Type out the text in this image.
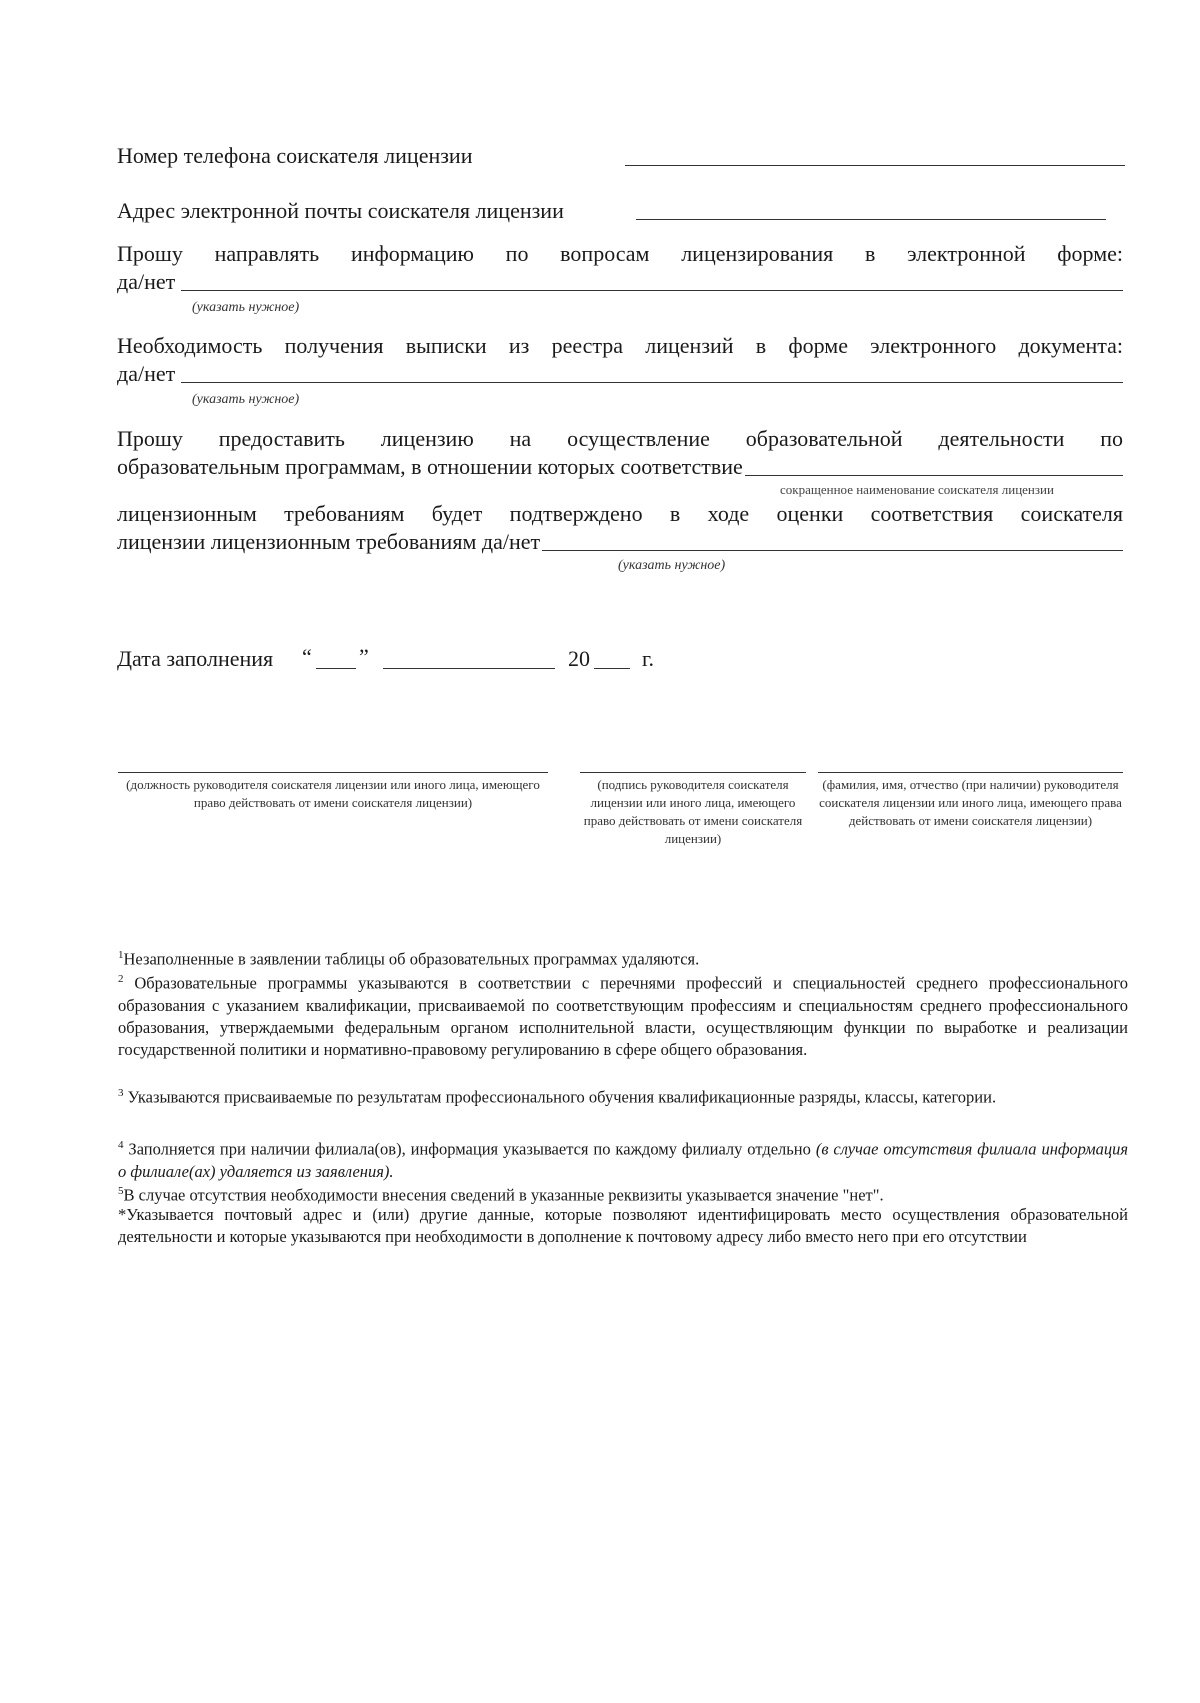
Номер телефона соискателя лицензии
Адрес электронной почты соискателя лицензии
Прошу направлять информацию по вопросам лицензирования в электронной форме:
да/нет
(указать нужное)
Необходимость получения выписки из реестра лицензий в форме электронного документа:
да/нет
(указать нужное)
Прошу предоставить лицензию на осуществление образовательной деятельности по
образовательным программам, в отношении которых соответствие
сокращенное наименование соискателя лицензии
лицензионным требованиям будет подтверждено в ходе оценки соответствия соискателя
лицензии лицензионным требованиям да/нет
(указать нужное)
Дата заполнения “ ”	20 г.
(должность руководителя соискателя лицензии или иного лица, имеющего право действовать от имени соискателя лицензии)
(подпись руководителя соискателя лицензии или иного лица, имеющего право действовать от имени соискателя лицензии)
(фамилия, имя, отчество (при наличии) руководителя соискателя лицензии или иного лица, имеющего права действовать от имени соискателя лицензии)
$^1$Незаполненные в заявлении таблицы об образовательных программах удаляются.
$^2$ Образовательные программы указываются в соответствии с перечнями профессий и специальностей среднего профессионального образования с указанием квалификации, присваиваемой по соответствующим профессиям и специальностям среднего профессионального образования, утверждаемыми федеральным органом исполнительной власти, осуществляющим функции по выработке и реализации государственной политики и нормативно-правовому регулированию в сфере общего образования.
$^3$ Указываются присваиваемые по результатам профессионального обучения квалификационные разряды, классы, категории.
$^4$ Заполняется при наличии филиала(ов), информация указывается по каждому филиалу отдельно (в случае отсутствия филиала информация о филиале(ах) удаляется из заявления).
$^5$В случае отсутствия необходимости внесения сведений в указанные реквизиты указывается значение "нет".
*Указывается почтовый адрес и (или) другие данные, которые позволяют идентифицировать место осуществления образовательной деятельности и которые указываются при необходимости в дополнение к почтовому адресу либо вместо него при его отсутствии
